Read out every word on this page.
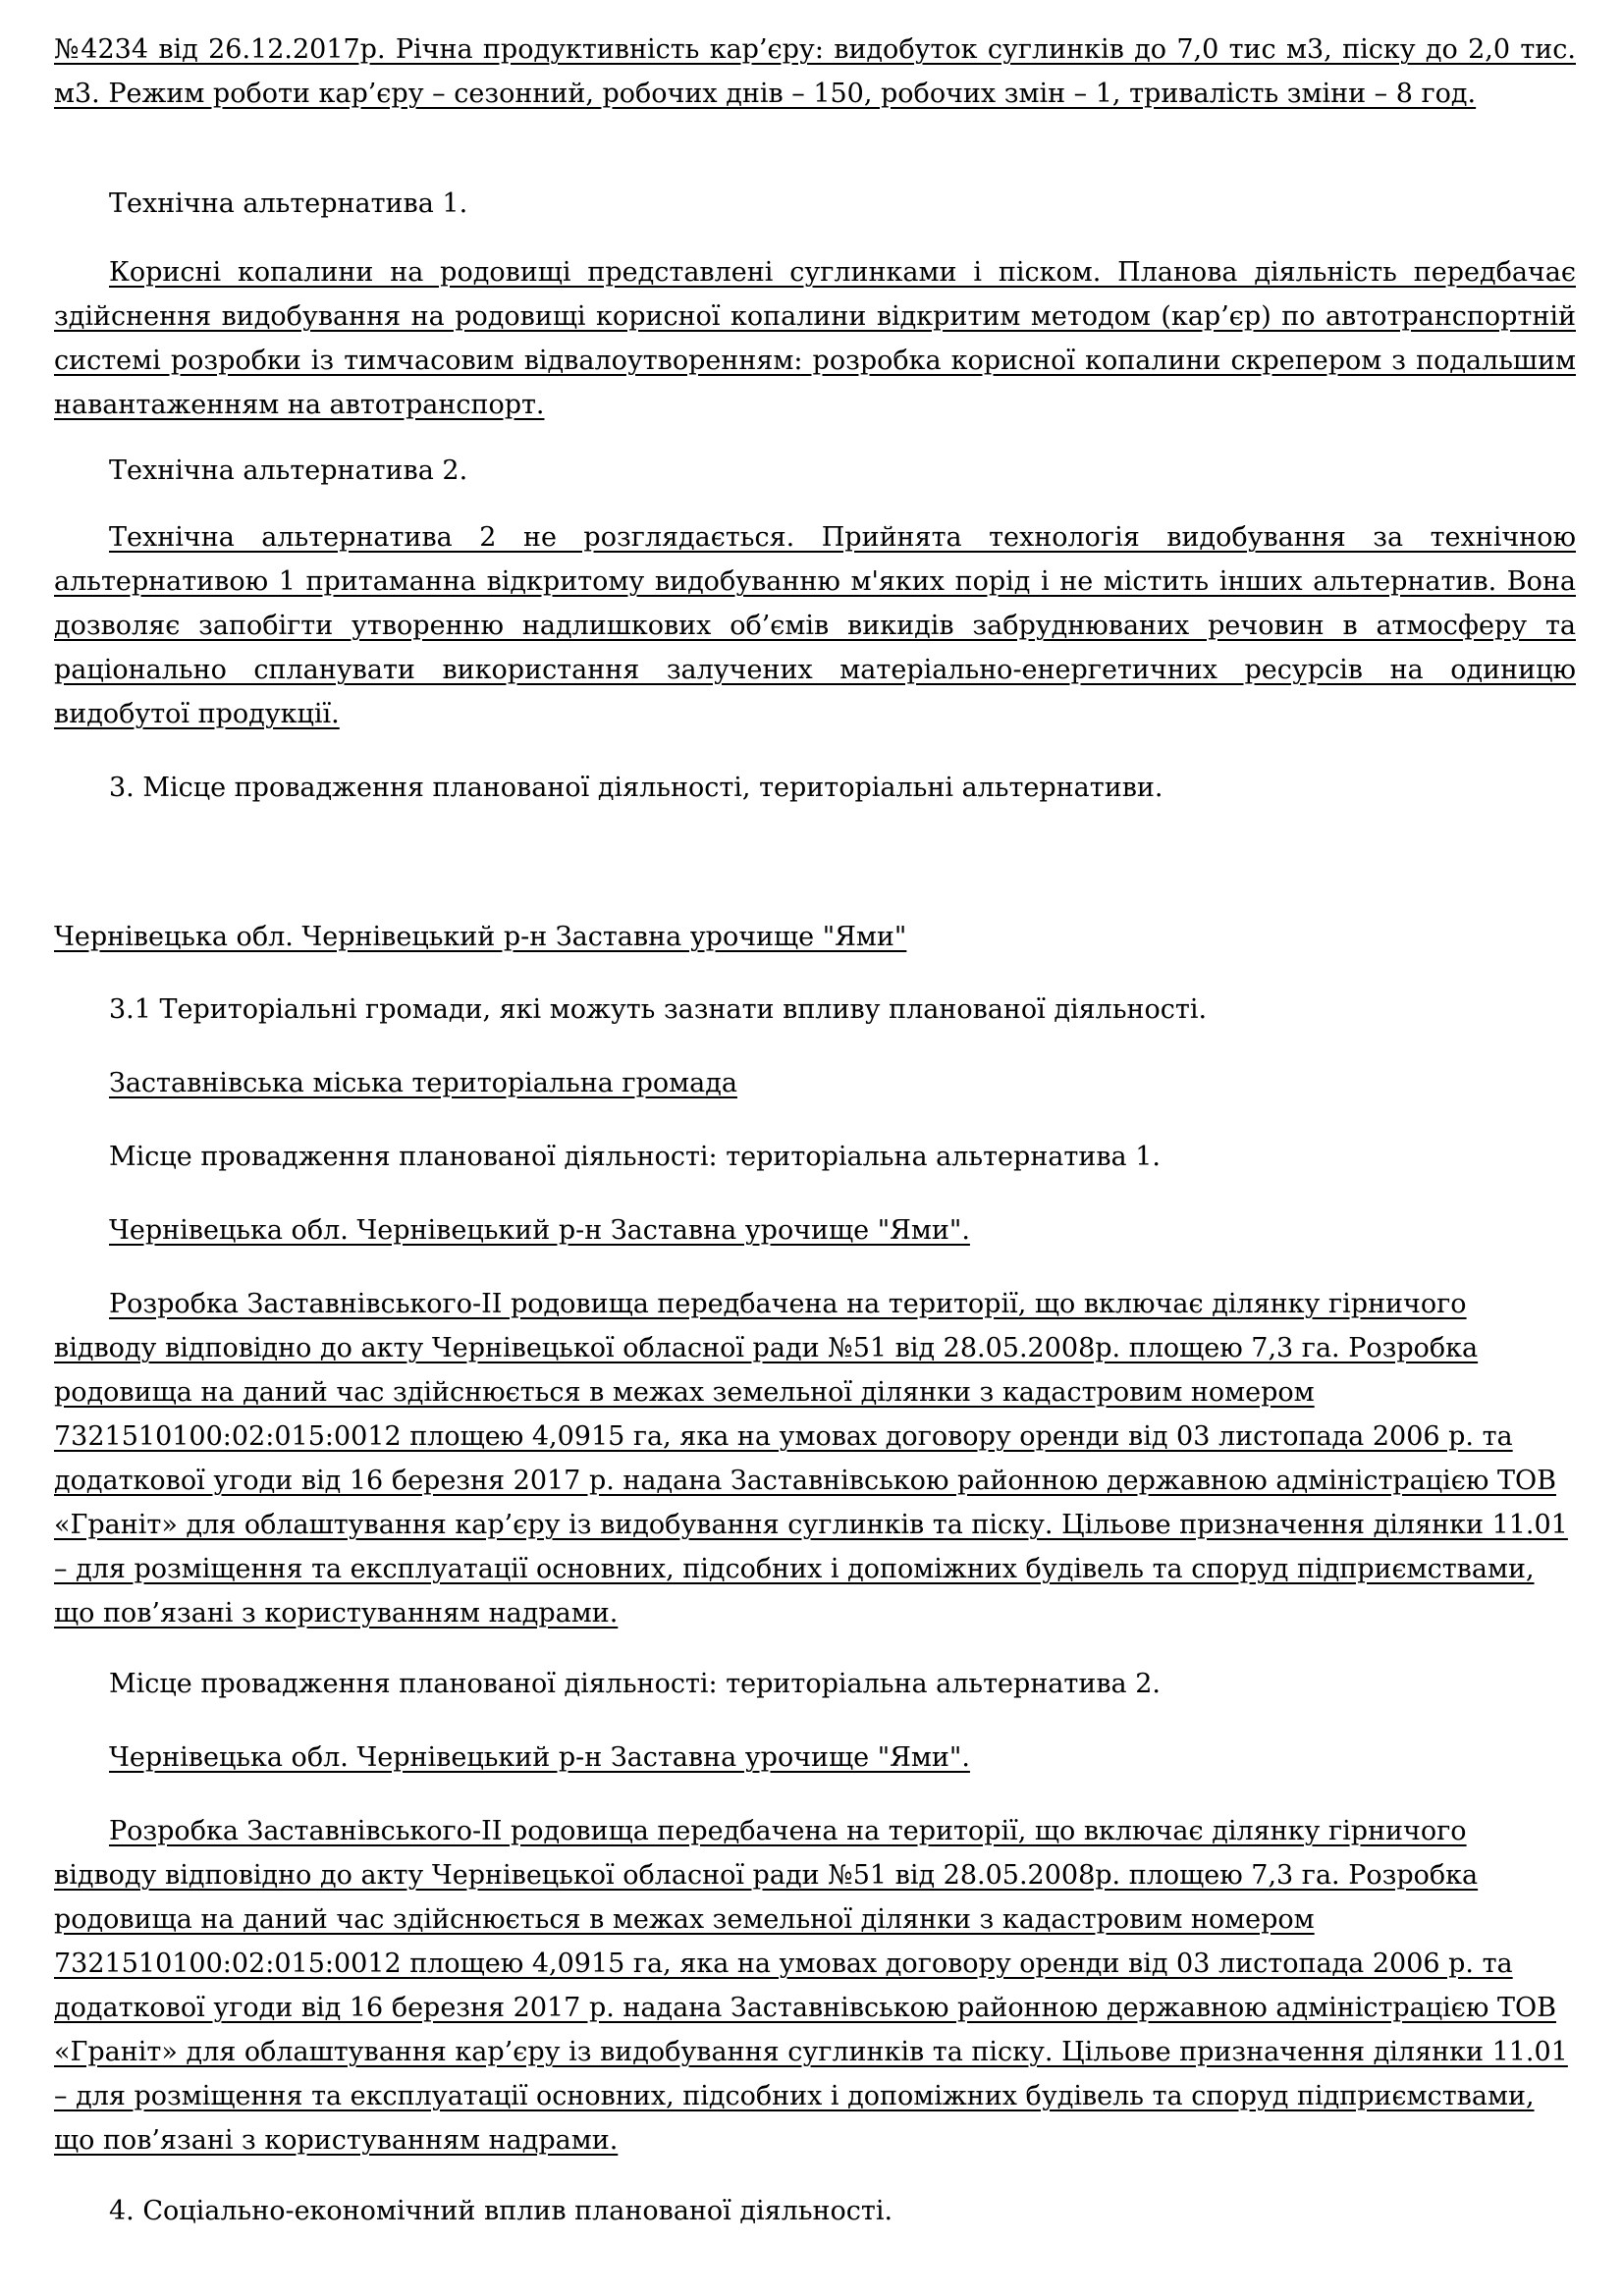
№4234 від 26.12.2017р. Річна продуктивність кар’єру: видобуток суглинків до 7,0 тис м3, піску до 2,0 тис. м3. Режим роботи кар’єру – сезонний, робочих днів – 150, робочих змін – 1, тривалість зміни – 8 год.

Технічна альтернатива 1.

Корисні копалини на родовищі представлені суглинками і піском. Планова діяльність передбачає здійснення видобування на родовищі корисної копалини відкритим методом (кар’єр) по автотранспортній системі розробки із тимчасовим відвалоутворенням: розробка корисної копалини скрепером з подальшим навантаженням на автотранспорт.

Технічна альтернатива 2.

Технічна альтернатива 2 не розглядається. Прийнята технологія видобування за технічною альтернативою 1 притаманна відкритому видобуванню м'яких порід і не містить інших альтернатив. Вона дозволяє запобігти утворенню надлишкових об’ємів викидів забруднюваних речовин в атмосферу та раціонально спланувати використання залучених матеріально-енергетичних ресурсів на одиницю видобутої продукції.

3. Місце провадження планованої діяльності, територіальні альтернативи.

Чернівецька обл. Чернівецький р-н Заставна урочище "Ями"

3.1 Територіальні громади, які можуть зазнати впливу планованої діяльності.

Заставнівська міська територіальна громада

Місце провадження планованої діяльності: територіальна альтернатива 1.

Чернівецька обл. Чернівецький р-н Заставна урочище "Ями".

Розробка Заставнівського-ІІ родовища передбачена на території, що включає ділянку гірничого відводу відповідно до акту Чернівецької обласної ради №51 від 28.05.2008р. площею 7,3 га. Розробка родовища на даний час здійснюється в межах земельної ділянки з кадастровим номером 7321510100:02:015:0012 площею 4,0915 га, яка на умовах договору оренди від 03 листопада 2006 р. та додаткової угоди від 16 березня 2017 р. надана Заставнівською районною державною адміністрацією ТОВ «Граніт» для облаштування кар’єру із видобування суглинків та піску. Цільове призначення ділянки 11.01 – для розміщення та експлуатації основних, підсобних і допоміжних будівель та споруд підприємствами, що пов’язані з користуванням надрами.

Місце провадження планованої діяльності: територіальна альтернатива 2.

Чернівецька обл. Чернівецький р-н Заставна урочище "Ями".

Розробка Заставнівського-ІІ родовища передбачена на території, що включає ділянку гірничого відводу відповідно до акту Чернівецької обласної ради №51 від 28.05.2008р. площею 7,3 га. Розробка родовища на даний час здійснюється в межах земельної ділянки з кадастровим номером 7321510100:02:015:0012 площею 4,0915 га, яка на умовах договору оренди від 03 листопада 2006 р. та додаткової угоди від 16 березня 2017 р. надана Заставнівською районною державною адміністрацією ТОВ «Граніт» для облаштування кар’єру із видобування суглинків та піску. Цільове призначення ділянки 11.01 – для розміщення та експлуатації основних, підсобних і допоміжних будівель та споруд підприємствами, що пов’язані з користуванням надрами.

4. Соціально-економічний вплив планованої діяльності.
